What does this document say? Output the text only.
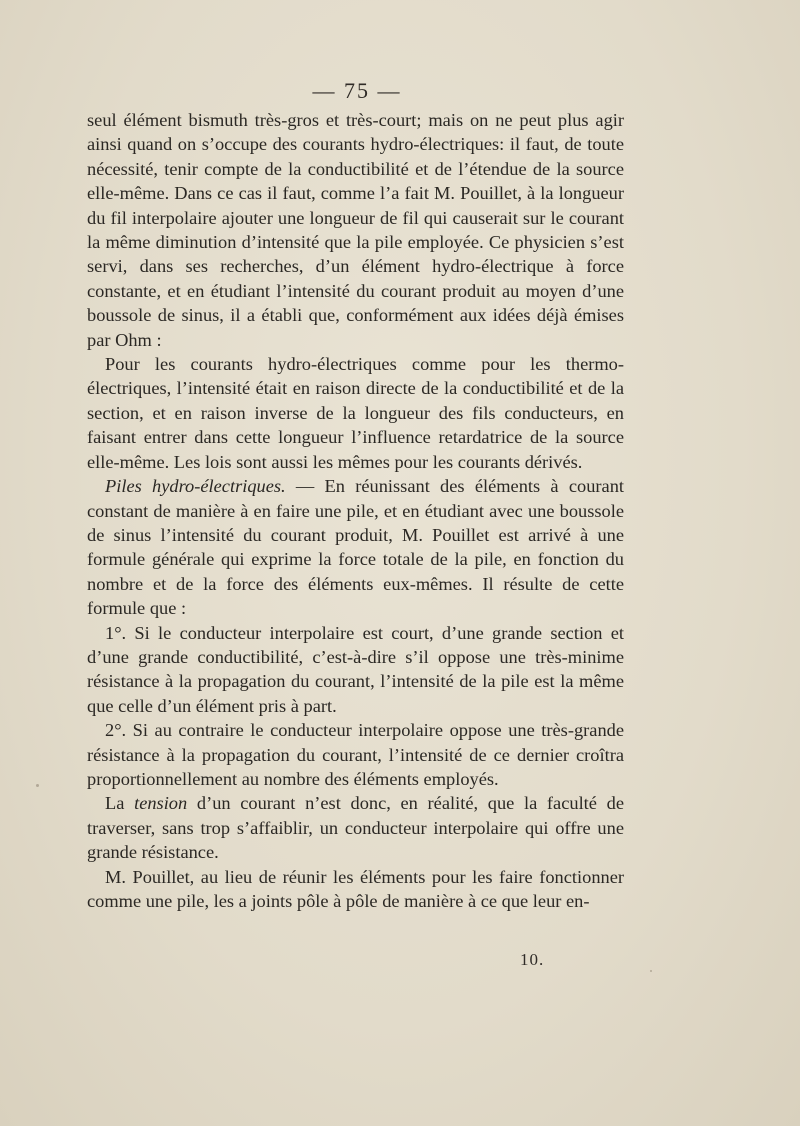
— 75 —

seul élément bismuth très-gros et très-court; mais on ne peut plus agir ainsi quand on s’occupe des courants hydro-électriques: il faut, de toute nécessité, tenir compte de la conductibilité et de l’étendue de la source elle-même. Dans ce cas il faut, comme l’a fait M. Pouillet, à la longueur du fil interpolaire ajouter une longueur de fil qui causerait sur le courant la même diminution d’intensité que la pile employée. Ce physicien s’est servi, dans ses recherches, d’un élément hydro-électrique à force constante, et en étudiant l’intensité du courant produit au moyen d’une boussole de sinus, il a établi que, conformément aux idées déjà émises par Ohm :

Pour les courants hydro-électriques comme pour les thermo-électriques, l’intensité était en raison directe de la conductibilité et de la section, et en raison inverse de la longueur des fils conducteurs, en faisant entrer dans cette longueur l’influence retardatrice de la source elle-même. Les lois sont aussi les mêmes pour les courants dérivés.

Piles hydro-électriques. — En réunissant des éléments à courant constant de manière à en faire une pile, et en étudiant avec une boussole de sinus l’intensité du courant produit, M. Pouillet est arrivé à une formule générale qui exprime la force totale de la pile, en fonction du nombre et de la force des éléments eux-mêmes. Il résulte de cette formule que :

1°. Si le conducteur interpolaire est court, d’une grande section et d’une grande conductibilité, c’est-à-dire s’il oppose une très-minime résistance à la propagation du courant, l’intensité de la pile est la même que celle d’un élément pris à part.

2°. Si au contraire le conducteur interpolaire oppose une très-grande résistance à la propagation du courant, l’intensité de ce dernier croîtra proportionnellement au nombre des éléments employés.

La tension d’un courant n’est donc, en réalité, que la faculté de traverser, sans trop s’affaiblir, un conducteur interpolaire qui offre une grande résistance.

M. Pouillet, au lieu de réunir les éléments pour les faire fonctionner comme une pile, les a joints pôle à pôle de manière à ce que leur en-

10.
